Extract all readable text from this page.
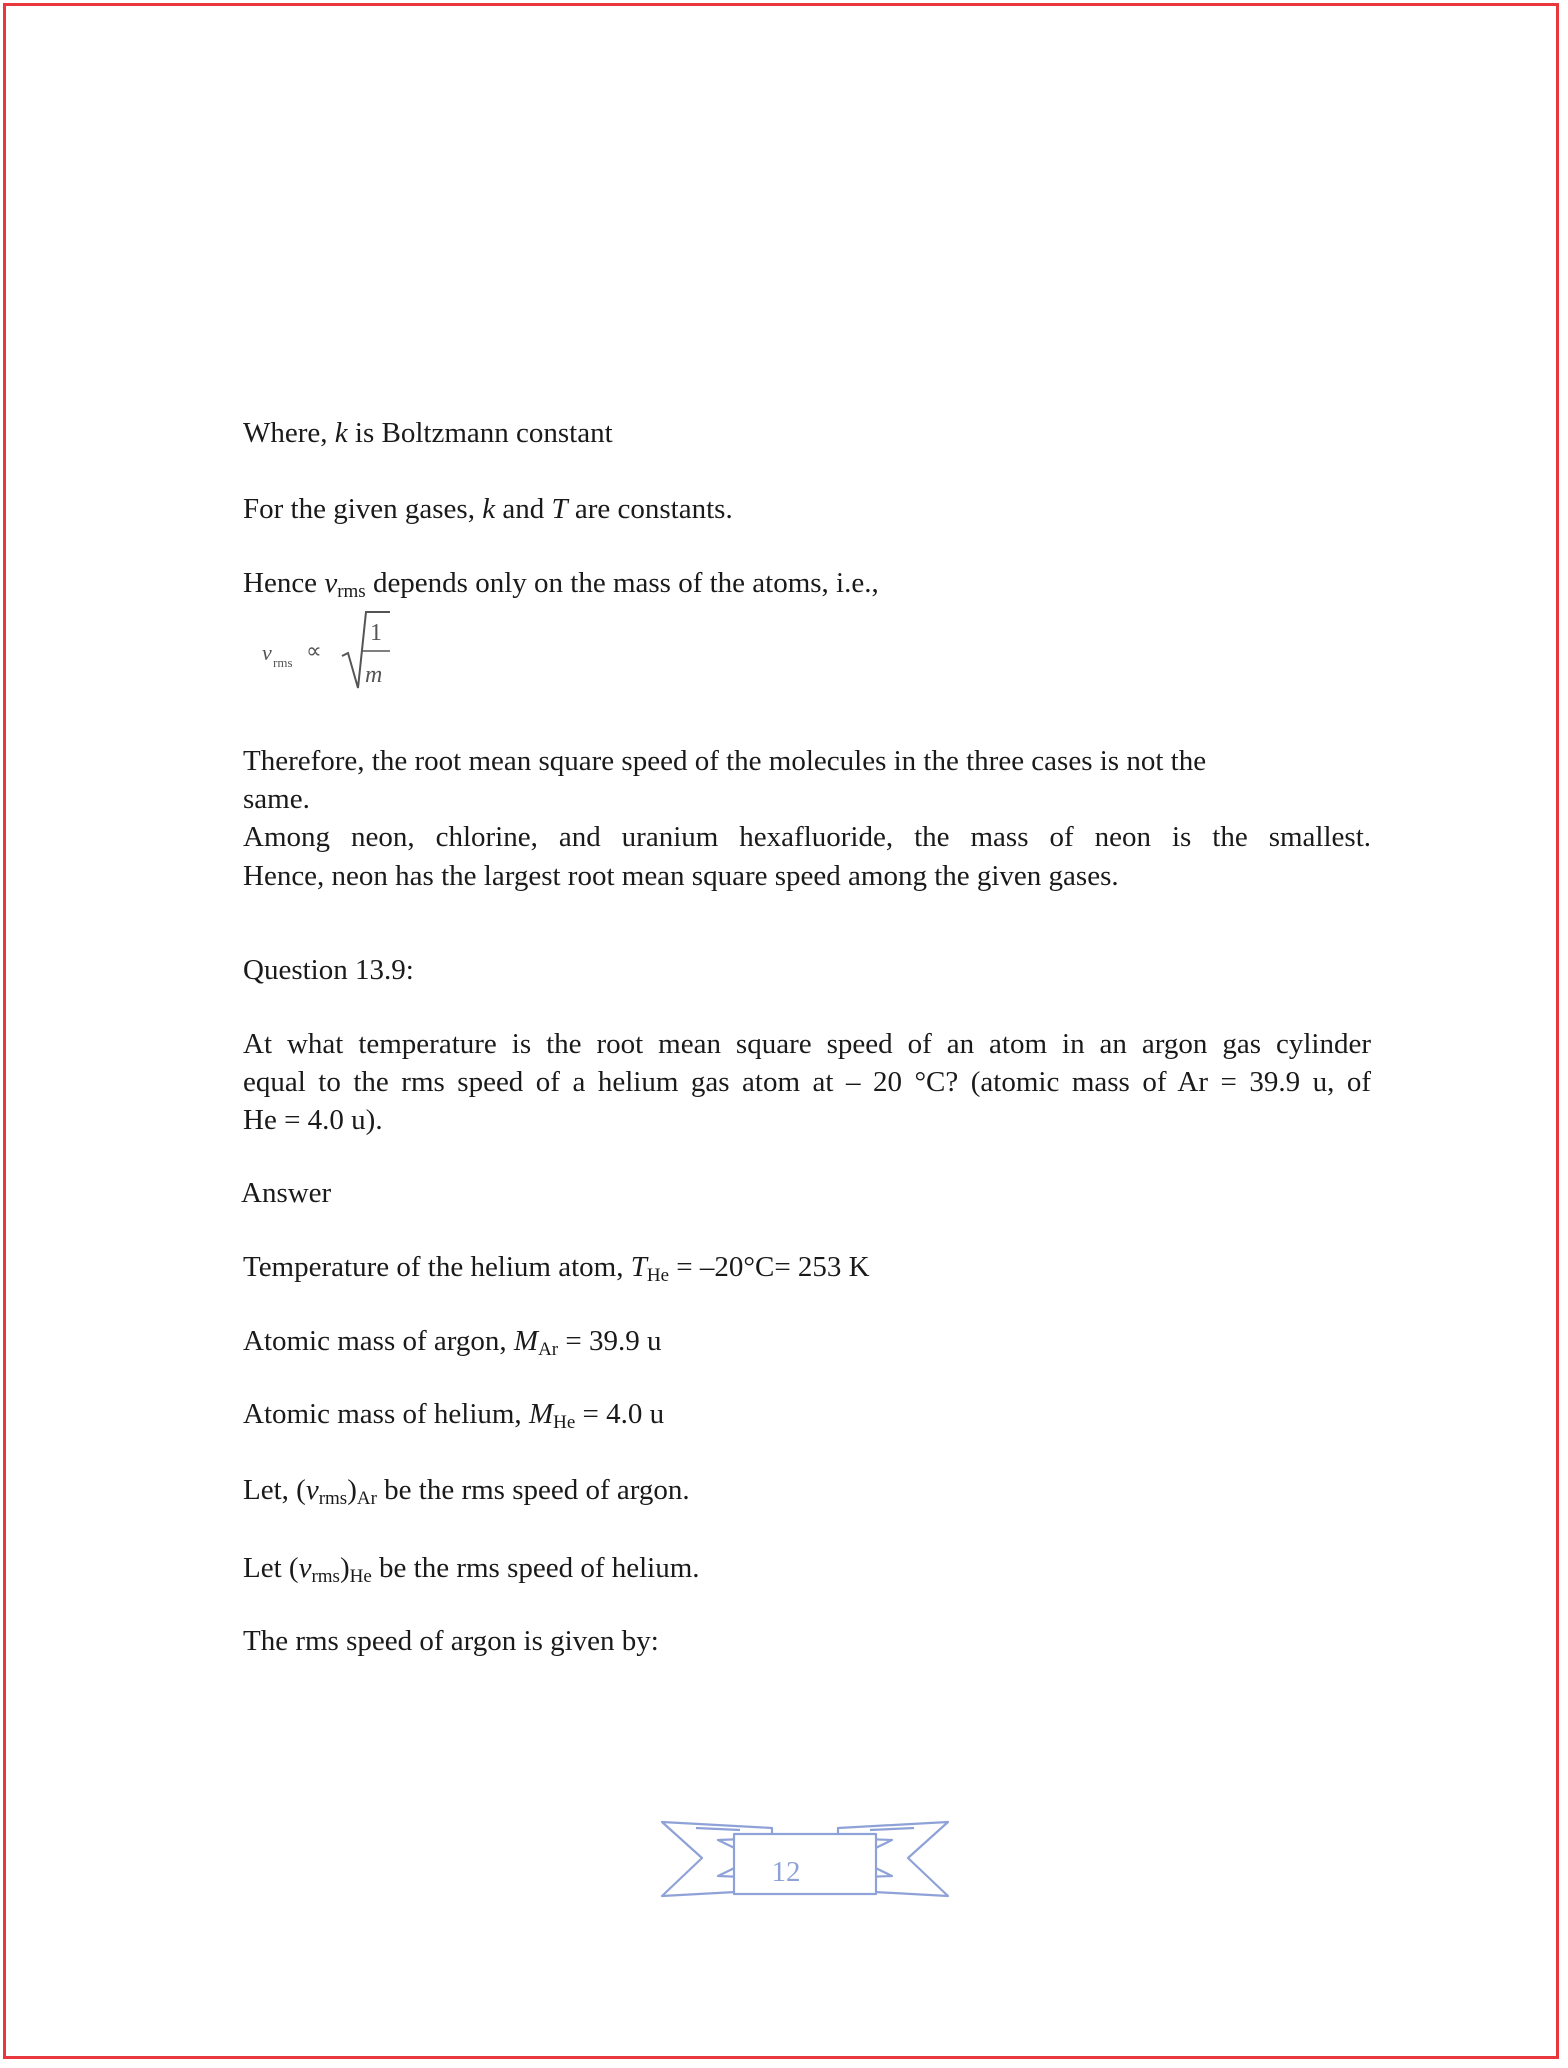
Where, k is Boltzmann constant
For the given gases, k and T are constants.
Hence $v_{rms}$ depends only on the mass of the atoms, i.e.,
v rms ∝
1
m
Therefore, the root mean square speed of the molecules in the three cases is not the
same.
Among neon, chlorine, and uranium hexafluoride, the mass of neon is the smallest.
Hence, neon has the largest root mean square speed among the given gases.
Question 13.9:
At what temperature is the root mean square speed of an atom in an argon gas cylinder
equal to the rms speed of a helium gas atom at – 20 °C? (atomic mass of Ar = 39.9 u, of
He = 4.0 u).
Answer
Temperature of the helium atom, $T_{He} = -20^\circ C= 253$ K
Atomic mass of argon, $M_{Ar} = 39.9$ u
Atomic mass of helium, $M_{He} = 4.0$ u
Let, $(v_{rms})_{Ar}$ be the rms speed of argon.
Let $(v_{rms})_{He}$ be the rms speed of helium.
The rms speed of argon is given by:
12
